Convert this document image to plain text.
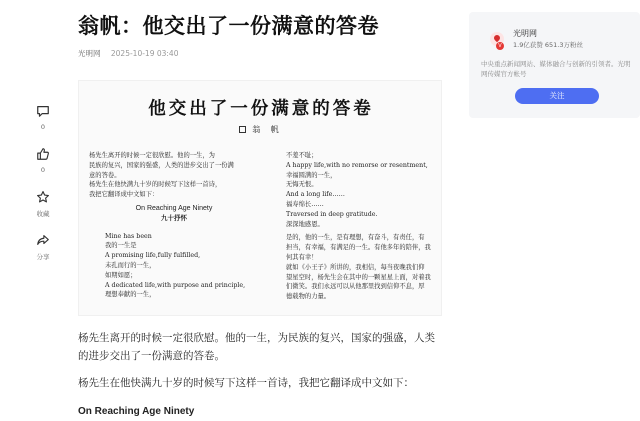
翁帆：他交出了一份满意的答卷
光明网 2025-10-19 03:40
0
0
收藏
分享
他交出了一份满意的答卷
翁 帆

杨先生离开的时候一定很欣慰。他的一生，为

民族的复兴，国家的强盛，人类的进步交出了一份满

意的答卷。

杨先生在他快满九十岁的时候写下这样一首诗，

我把它翻译成中文如下：

On Reaching Age Ninety
九十抒怀

Mine has been

我的一生是

A promising life,fully fulfilled,

未孔而行的一生，

如期如愿；

A dedicated life,with purpose and principle,

理想奉献的一生，

不羞不耻；

A happy life,with no remorse or resentment,

幸福圆满的一生，

无悔无恨。

And a long life……

福寿绵长……

Traversed in deep gratitude.

深深地感恩。

是的，他的一生，是有理想，有奋斗，有责任，有

担当，有幸福，有满足的一生。有他多年的陪伴，我

何其有幸！

就如《小王子》所讲的，我相信，每当夜晚我们仰

望星空时，杨先生会在其中的一颗星星上面，对着我

们微笑。我们永远可以从他那里找到信仰不息，厚

德载物的力量。

杨先生离开的时候一定很欣慰。他的一生，为民族的复兴，国家的强盛，人类的进步交出了一份满意的答卷。
杨先生在他快满九十岁的时候写下这样一首诗，我把它翻译成中文如下：
On Reaching Age Ninety
光明网
1.9亿获赞 651.3万粉丝
中央重点新闻网站、媒体融合与创新的引领者。光明网传媒官方帐号
关注
V
